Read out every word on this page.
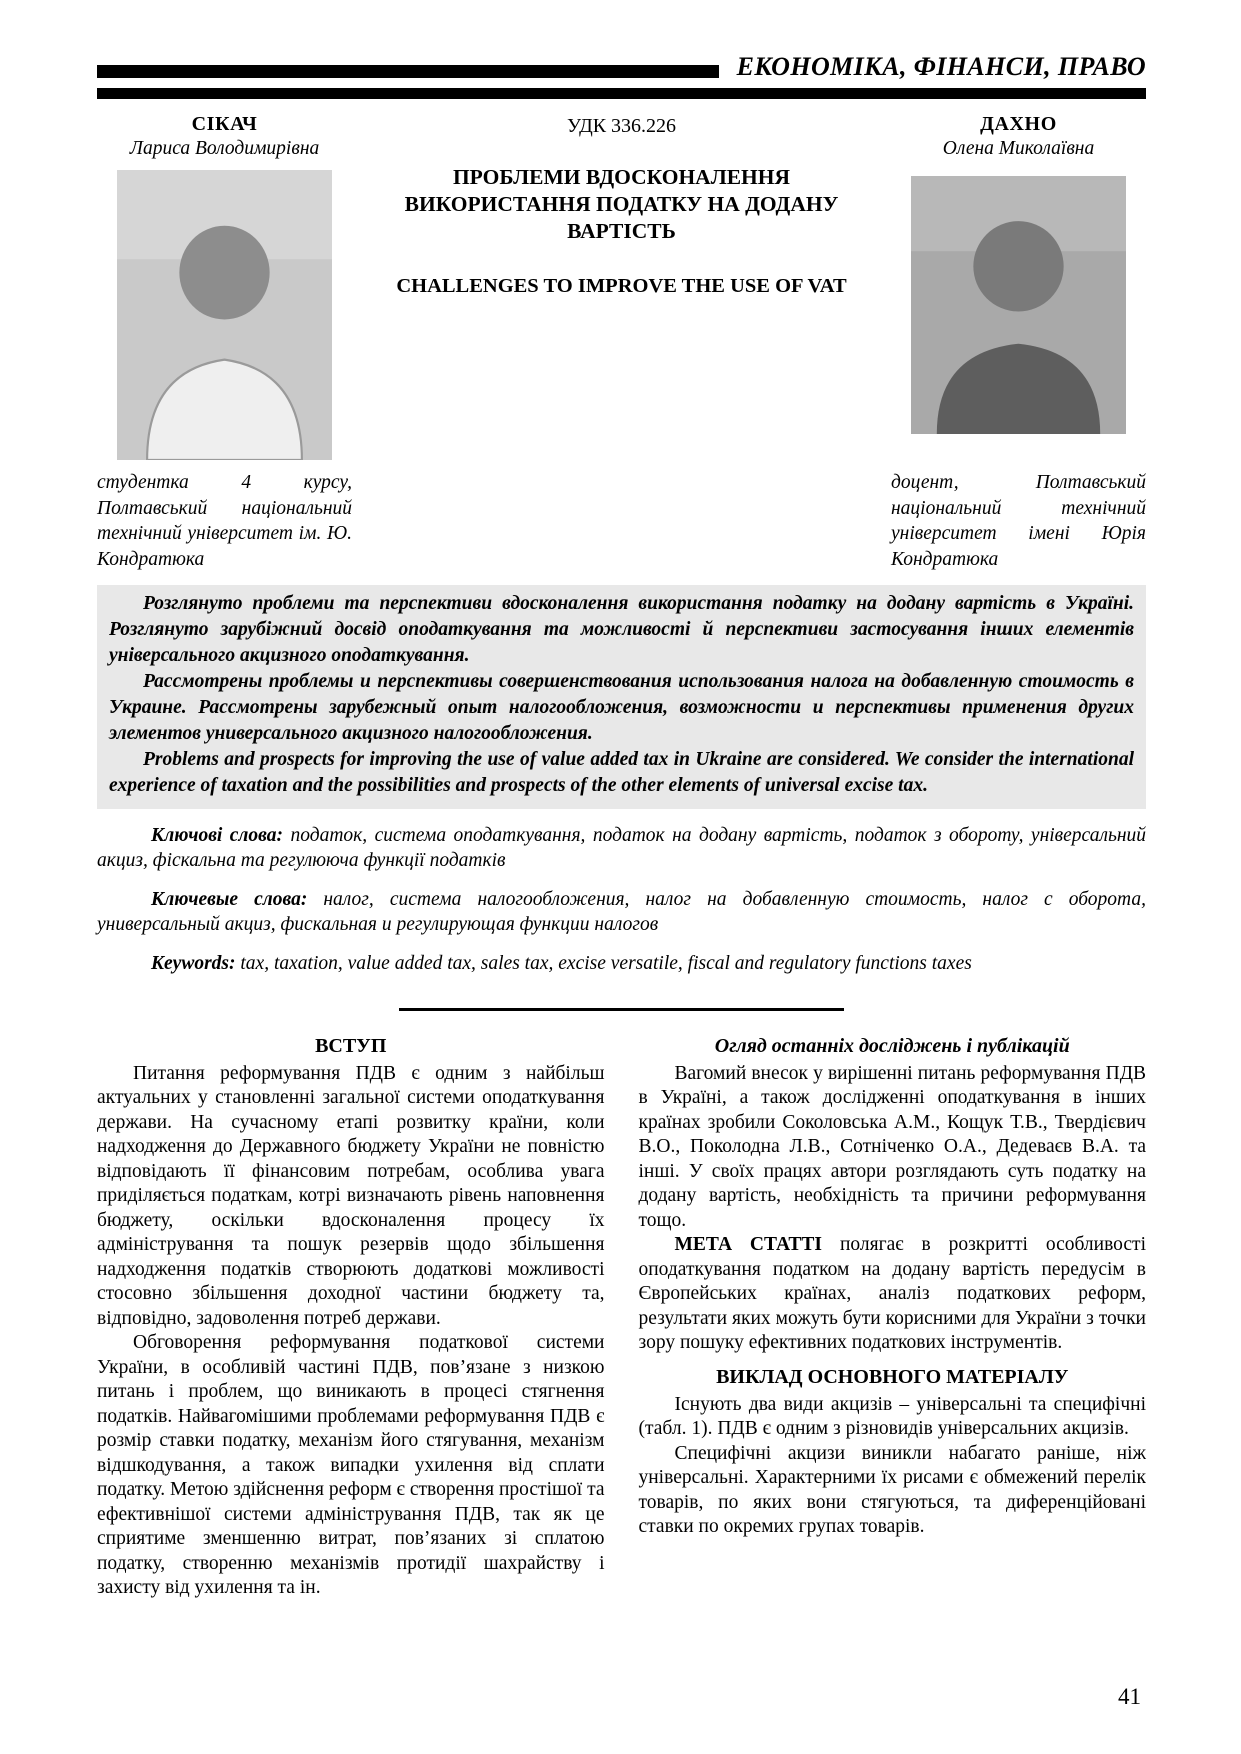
ЕКОНОМІКА, ФІНАНСИ, ПРАВО
СІКАЧ
Лариса Володимирівна
УДК 336.226
ПРОБЛЕМИ ВДОСКОНАЛЕННЯ ВИКОРИСТАННЯ ПОДАТКУ НА ДОДАНУ ВАРТІСТЬ
CHALLENGES TO IMPROVE THE USE OF VAT
ДАХНО
Олена Миколаївна
студентка 4 курсу, Полтавський національний технічний університет ім. Ю. Кондратюка
доцент, Полтавський національний технічний університет імені Юрія Кондратюка

Розглянуто проблеми та перспективи вдосконалення використання податку на додану вартість в Україні. Розглянуто зарубіжний досвід оподаткування та можливості й перспективи застосування інших елементів універсального акцизного оподаткування.

Рассмотрены проблемы и перспективы совершенствования использования налога на добавленную стоимость в Украине. Рассмотрены зарубежный опыт налогообложения, возможности и перспективы применения других элементов универсального акцизного налогообложения.

Problems and prospects for improving the use of value added tax in Ukraine are considered. We consider the international experience of taxation and the possibilities and prospects of the other elements of universal excise tax.

Ключові слова: податок, система оподаткування, податок на додану вартість, податок з обороту, універсальний акциз, фіскальна та регулююча функції податків

Ключевые слова: налог, система налогообложения, налог на добавленную стоимость, налог с оборота, универсальный акциз, фискальная и регулирующая функции налогов

Keywords: tax, taxation, value added tax, sales tax, excise versatile, fiscal and regulatory functions taxes

ВСТУП

Питання реформування ПДВ є одним з найбільш актуальних у становленні загальної системи оподаткування держави. На сучасному етапі розвитку країни, коли надходження до Державного бюджету України не повністю відповідають її фінансовим потребам, особлива увага приділяється податкам, котрі визначають рівень наповнення бюджету, оскільки вдосконалення процесу їх адміністрування та пошук резервів щодо збільшення надходження податків створюють додаткові можливості стосовно збільшення доходної частини бюджету та, відповідно, задоволення потреб держави.

Обговорення реформування податкової системи України, в особливій частині ПДВ, пов’язане з низкою питань і проблем, що виникають в процесі стягнення податків. Найвагомішими проблемами реформування ПДВ є розмір ставки податку, механізм його стягування, механізм відшкодування, а також випадки ухилення від сплати податку. Метою здійснення реформ є створення простішої та ефективнішої системи адміністрування ПДВ, так як це сприятиме зменшенню витрат, пов’язаних зі сплатою податку, створенню механізмів протидії шахрайству і захисту від ухилення та ін.

Огляд останніх досліджень і публікацій

Вагомий внесок у вирішенні питань реформування ПДВ в Україні, а також дослідженні оподаткування в інших країнах зробили Соколовська А.М., Кощук Т.В., Твердієвич В.О., Поколодна Л.В., Сотніченко О.А., Дедеваєв В.А. та інші. У своїх працях автори розглядають суть податку на додану вартість, необхідність та причини реформування тощо.

МЕТА СТАТТІ полягає в розкритті особливості оподаткування податком на додану вартість передусім в Європейських країнах, аналіз податкових реформ, результати яких можуть бути корисними для України з точки зору пошуку ефективних податкових інструментів.

ВИКЛАД ОСНОВНОГО МАТЕРІАЛУ

Існують два види акцизів – універсальні та специфічні (табл. 1). ПДВ є одним з різновидів універсальних акцизів.

Специфічні акцизи виникли набагато раніше, ніж універсальні. Характерними їх рисами є обмежений перелік товарів, по яких вони стягуються, та диференційовані ставки по окремих групах товарів.

41
